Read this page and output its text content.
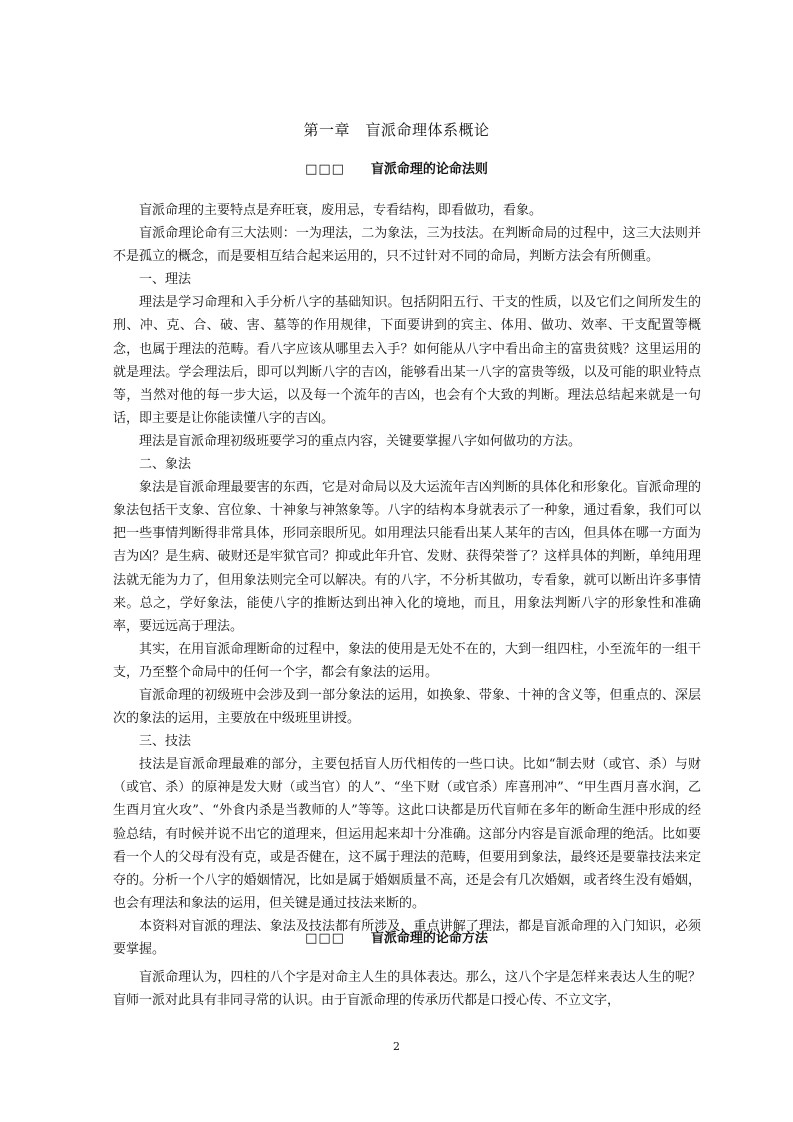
第一章　盲派命理体系概论
□□□ 盲派命理的论命法则

盲派命理的主要特点是弃旺衰，废用忌，专看结构，即看做功，看象。

盲派命理论命有三大法则：一为理法，二为象法，三为技法。在判断命局的过程中，这三大法则并不是孤立的概念，而是要相互结合起来运用的，只不过针对不同的命局，判断方法会有所侧重。

一、理法

理法是学习命理和入手分析八字的基础知识。包括阴阳五行、干支的性质，以及它们之间所发生的刑、冲、克、合、破、害、墓等的作用规律，下面要讲到的宾主、体用、做功、效率、干支配置等概念，也属于理法的范畴。看八字应该从哪里去入手？如何能从八字中看出命主的富贵贫贱？这里运用的就是理法。学会理法后，即可以判断八字的吉凶，能够看出某一八字的富贵等级，以及可能的职业特点等，当然对他的每一步大运，以及每一个流年的吉凶，也会有个大致的判断。理法总结起来就是一句话，即主要是让你能读懂八字的吉凶。

理法是盲派命理初级班要学习的重点内容，关键要掌握八字如何做功的方法。

二、象法

象法是盲派命理最要害的东西，它是对命局以及大运流年吉凶判断的具体化和形象化。盲派命理的象法包括干支象、宫位象、十神象与神煞象等。八字的结构本身就表示了一种象，通过看象，我们可以把一些事情判断得非常具体，形同亲眼所见。如用理法只能看出某人某年的吉凶，但具体在哪一方面为吉为凶？是生病、破财还是牢狱官司？抑或此年升官、发财、获得荣誉了？这样具体的判断，单纯用理法就无能为力了，但用象法则完全可以解决。有的八字，不分析其做功，专看象，就可以断出许多事情来。总之，学好象法，能使八字的推断达到出神入化的境地，而且，用象法判断八字的形象性和准确率，要远远高于理法。

其实，在用盲派命理断命的过程中，象法的使用是无处不在的，大到一组四柱，小至流年的一组干支，乃至整个命局中的任何一个字，都会有象法的运用。

盲派命理的初级班中会涉及到一部分象法的运用，如换象、带象、十神的含义等，但重点的、深层次的象法的运用，主要放在中级班里讲授。

三、技法

技法是盲派命理最难的部分，主要包括盲人历代相传的一些口诀。比如“制去财（或官、杀）与财（或官、杀）的原神是发大财（或当官）的人”、“坐下财（或官杀）库喜刑冲”、“甲生酉月喜水润，乙生酉月宜火攻”、“外食内杀是当教师的人”等等。这此口诀都是历代盲师在多年的断命生涯中形成的经验总结，有时候并说不出它的道理来，但运用起来却十分准确。这部分内容是盲派命理的绝活。比如要看一个人的父母有没有克，或是否健在，这不属于理法的范畴，但要用到象法，最终还是要靠技法来定夺的。分析一个八字的婚姻情况，比如是属于婚姻质量不高，还是会有几次婚姻，或者终生没有婚姻，也会有理法和象法的运用，但关键是通过技法来断的。

本资料对盲派的理法、象法及技法都有所涉及，重点讲解了理法，都是盲派命理的入门知识，必须要掌握。

□□□ 盲派命理的论命方法

盲派命理认为，四柱的八个字是对命主人生的具体表达。那么，这八个字是怎样来表达人生的呢？盲师一派对此具有非同寻常的认识。由于盲派命理的传承历代都是口授心传、不立文字，

2
